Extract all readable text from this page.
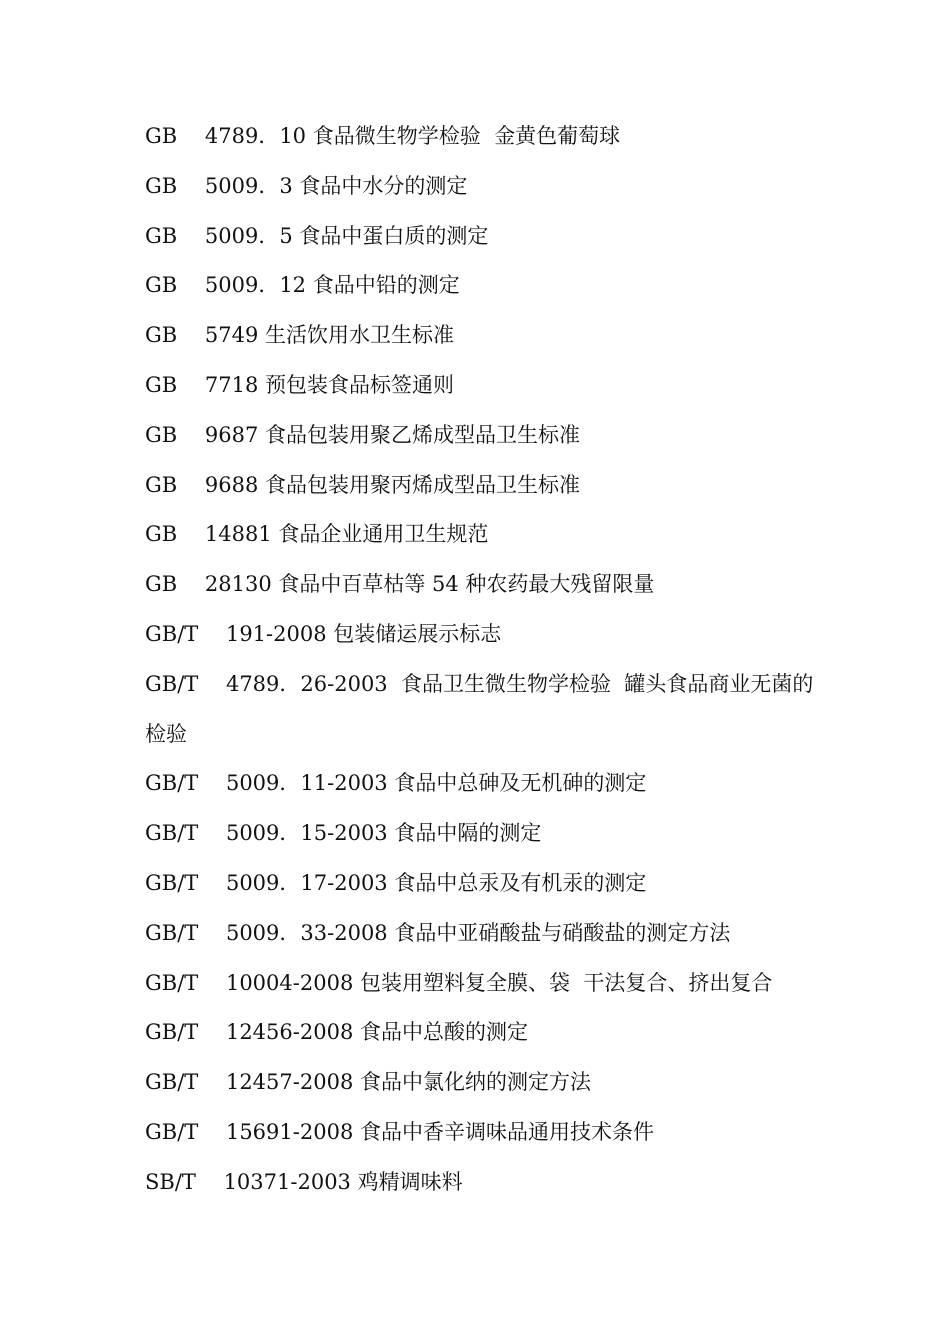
GB　 4789．10 食品微生物学检验  金黄色葡萄球
GB　 5009．3 食品中水分的测定
GB　 5009．5 食品中蛋白质的测定
GB　 5009．12 食品中铅的测定
GB　 5749 生活饮用水卫生标准
GB　 7718 预包装食品标签通则
GB　 9687 食品包装用聚乙烯成型品卫生标准
GB　 9688 食品包装用聚丙烯成型品卫生标准
GB　 14881 食品企业通用卫生规范
GB　 28130 食品中百草枯等 54 种农药最大残留限量
GB/T　 191-2008 包装储运展示标志
GB/T　 4789．26-2003  食品卫生微生物学检验  罐头食品商业无菌的
检验
GB/T　 5009．11-2003 食品中总砷及无机砷的测定
GB/T　 5009．15-2003 食品中隔的测定
GB/T　 5009．17-2003 食品中总汞及有机汞的测定
GB/T　 5009．33-2008 食品中亚硝酸盐与硝酸盐的测定方法
GB/T　 10004-2008 包装用塑料复全膜、袋  干法复合、挤出复合
GB/T　 12456-2008 食品中总酸的测定
GB/T　 12457-2008 食品中氯化纳的测定方法
GB/T　 15691-2008 食品中香辛调味品通用技术条件
SB/T　 10371-2003 鸡精调味料
